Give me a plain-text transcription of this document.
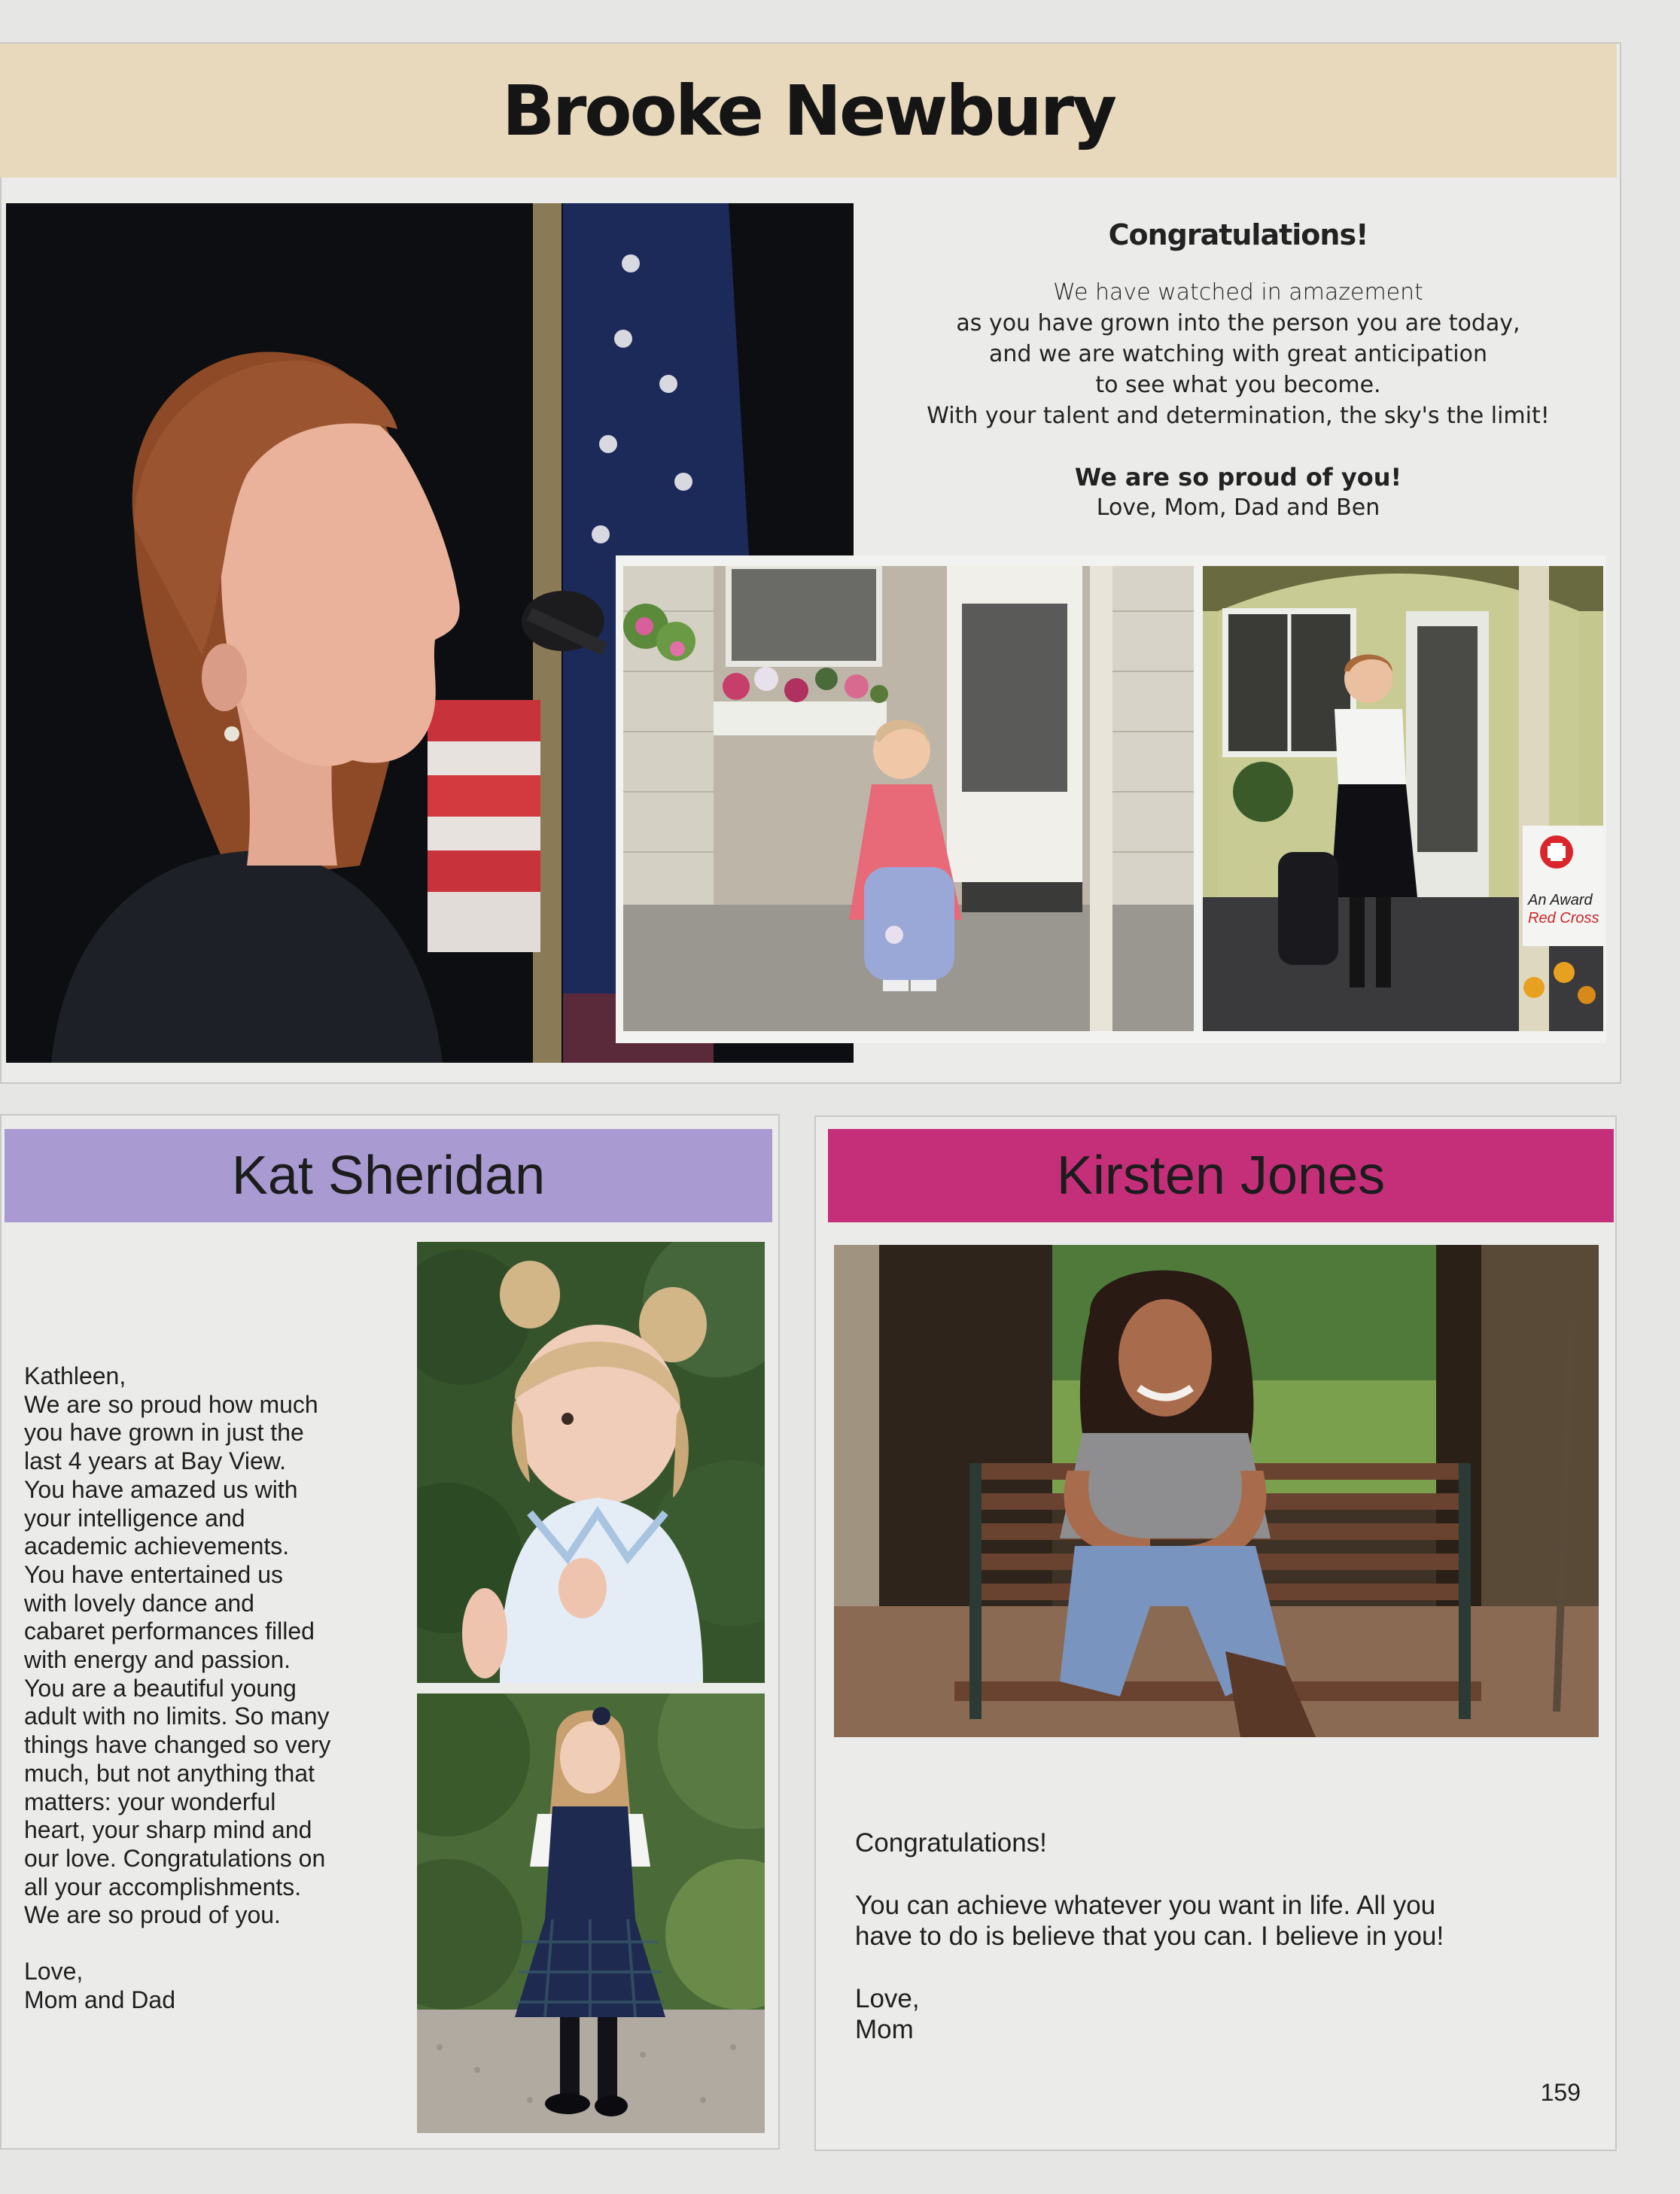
Brooke Newbury
Congratulations!
We have watched in amazement
as you have grown into the person you are today,
and we are watching with great anticipation
to see what you become.
With your talent and determination, the sky's the limit!
We are so proud of you!
Love, Mom, Dad and Ben
An Award
Red Cross
Kat Sheridan
Kathleen,
We are so proud how much
you have grown in just the
last 4 years at Bay View.
You have amazed us with
your intelligence and
academic achievements.
You have entertained us
with lovely dance and
cabaret performances filled
with energy and passion.
You are a beautiful young
adult with no limits. So many
things have changed so very
much, but not anything that
matters: your wonderful
heart, your sharp mind and
our love. Congratulations on
all your accomplishments.
We are so proud of you.
Love,
Mom and Dad
Kirsten Jones
Congratulations!
You can achieve whatever you want in life. All you
have to do is believe that you can. I believe in you!
Love,
Mom
159
